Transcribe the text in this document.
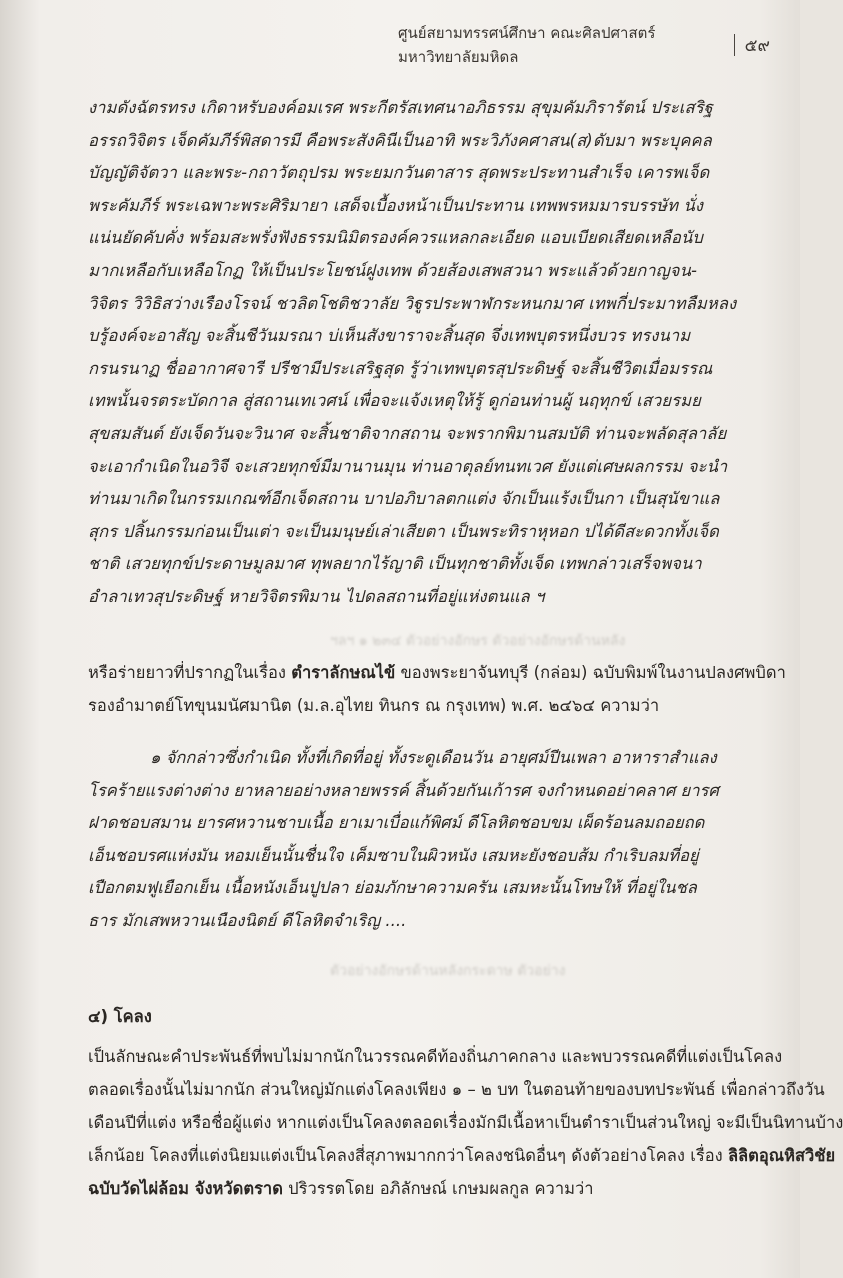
ศูนย์สยามทรรศน์ศึกษา คณะศิลปศาสตร์ มหาวิทยาลัยมหิดล
๕๙
ฯลฯ ๑ ๒๓๔ ตัวอย่างอักษร ตัวอย่างอักษรด้านหลัง
ตัวอย่างอักษรด้านหลังกระดาษ ตัวอย่าง
งามดังฉัตรทรง เกิดาหรับองค์อมเรศ พระกีตรัสเทศนาอภิธรรม สุขุมคัมภิรารัตน์ ประเสริฐ
อรรถวิจิตร เจ็ดคัมภีร์พิสดารมี คือพระสังคินีเป็นอาทิ พระวิภังคศาสน(ส)ดับมา พระบุคคล
บัญญัติจัตวา และพระ-กถาวัตถุปรม พระยมกวันตาสาร สุดพระประทานสำเร็จ เคารพเจ็ด
พระคัมภีร์ พระเฉพาะพระศิริมายา เสด็จเบื้องหน้าเป็นประทาน เทพพรหมมารบรรษัท นั่ง
แน่นยัดคับคั่ง พร้อมสะพรั่งฟังธรรมนิมิตรองค์ควรแหลกละเอียด แอบเบียดเสียดเหลือนับ
มากเหลือกับเหลือโกฏ ให้เป็นประโยชน์ฝูงเทพ ด้วยส้องเสพสวนา พระแล้วด้วยกาญจน-
วิจิตร วิวิธิสว่างเรืองโรจน์ ชวลิตโชติชวาลัย วิฐูรประพาฬกระหนกมาศ เทพกี่ประมาทลืมหลง
บรู้องค์จะอาสัญ จะสิ้นชีวันมรณา บ่เห็นสังขาราจะสิ้นสุด จึ่งเทพบุตรหนึ่งบวร ทรงนาม
กรนรนาฏ ชื่ออากาศจารี ปรีชามีประเสริฐสุด รู้ว่าเทพบุตรสุประดิษฐ์ จะสิ้นชีวิตเมื่อมรรณ
เทพนั้นจรตระบัดกาล สู่สถานเทเวศน์ เพื่อจะแจ้งเหตุให้รู้ ดูก่อนท่านผู้ นฤทุกข์ เสวยรมย
สุขสมสันต์ ยังเจ็ดวันจะวินาศ จะสิ้นชาติจากสถาน จะพรากพิมานสมบัติ ท่านจะพลัดสุลาลัย
จะเอากำเนิดในอวิจี จะเสวยทุกข์มีมานานมุน ท่านอาตุลย์ทนทเวศ ยังแต่เศษผลกรรม จะนำ
ท่านมาเกิดในกรรมเกณฑ์อีกเจ็ดสถาน บาปอภิบาลตกแต่ง จักเป็นแร้งเป็นกา เป็นสุนัขาแล
สุกร ปลิ้นกรรมก่อนเป็นเต่า จะเป็นมนุษย์เล่าเสียตา เป็นพระทิราหุหอก ปได้ดีสะดวกทั้งเจ็ด
ชาติ เสวยทุกข์ประดาษมูลมาศ ทุพลยากไร้ญาติ เป็นทุกชาติทั้งเจ็ด เทพกล่าวเสร็จพจนา
อำลาเทวสุประดิษฐ์ หายวิจิตรพิมาน ไปดลสถานที่อยู่แห่งตนแล ฯ
หรือร่ายยาวที่ปรากฏในเรื่อง ตำราลักษณไข้ ของพระยาจันทบุรี (กล่อม) ฉบับพิมพ์ในงานปลงศพบิดา
รองอำมาตย์โทขุนมนัศมานิต (ม.ล.อุไทย ทินกร ณ กรุงเทพ) พ.ศ. ๒๔๖๔ ความว่า
๑ จักกล่าวซึ่งกำเนิด ทั้งที่เกิดที่อยู่ ทั้งระดูเดือนวัน อายุศม์ปีนเพลา อาหาราสำแลง
โรคร้ายแรงต่างต่าง ยาหลายอย่างหลายพรรค์ สิ้นด้วยกันเก้ารศ จงกำหนดอย่าคลาศ ยารศ
ฝาดชอบสมาน ยารศหวานชาบเนื้อ ยาเมาเบื่อแก้พิศม์ ดีโลหิตชอบขม เผ็ดร้อนลมถอยถด
เอ็นชอบรศแห่งมัน หอมเย็นนั้นชื่นใจ เค็มซาบในผิวหนัง เสมหะยังชอบส้ม กำเริบลมที่อยู่
เปือกตมฟูเยือกเย็น เนื้อหนังเอ็นปูปลา ย่อมภักษาความครัน เสมหะนั้นโทษให้ ที่อยู่ในชล
ธาร มักเสพหวานเนืองนิตย์ ดีโลหิตจำเริญ ....
๔) โคลง
เป็นลักษณะคำประพันธ์ที่พบไม่มากนักในวรรณคดีท้องถิ่นภาคกลาง และพบวรรณคดีที่แต่งเป็นโคลง
ตลอดเรื่องนั้นไม่มากนัก ส่วนใหญ่มักแต่งโคลงเพียง ๑ – ๒ บท ในตอนท้ายของบทประพันธ์ เพื่อกล่าวถึงวัน
เดือนปีที่แต่ง หรือชื่อผู้แต่ง หากแต่งเป็นโคลงตลอดเรื่องมักมีเนื้อหาเป็นตำราเป็นส่วนใหญ่ จะมีเป็นนิทานบ้าง
เล็กน้อย โคลงที่แต่งนิยมแต่งเป็นโคลงสี่สุภาพมากกว่าโคลงชนิดอื่นๆ ดังตัวอย่างโคลง เรื่อง ลิลิตอุณหิสวิชัย
ฉบับวัดไผ่ล้อม จังหวัดตราด ปริวรรตโดย อภิลักษณ์ เกษมผลกูล ความว่า
